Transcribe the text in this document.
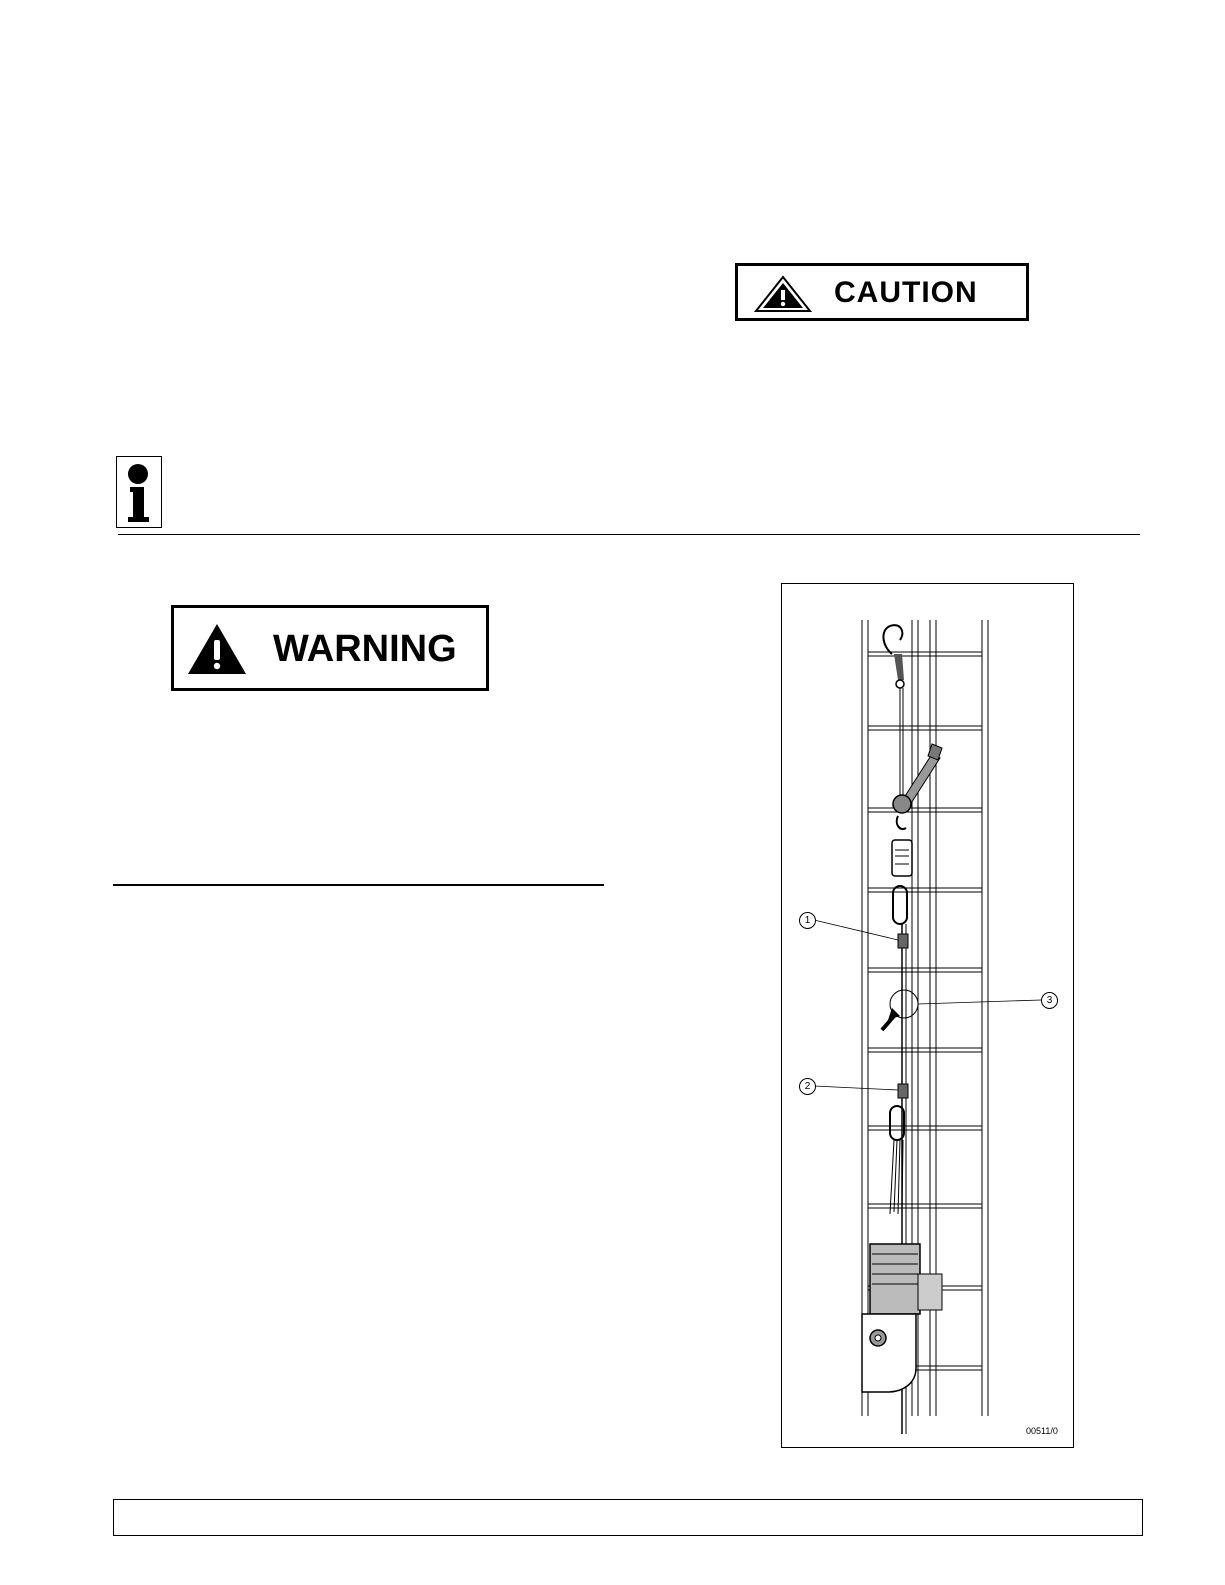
CAUTION
WARNING
1
2
3
00511/0
